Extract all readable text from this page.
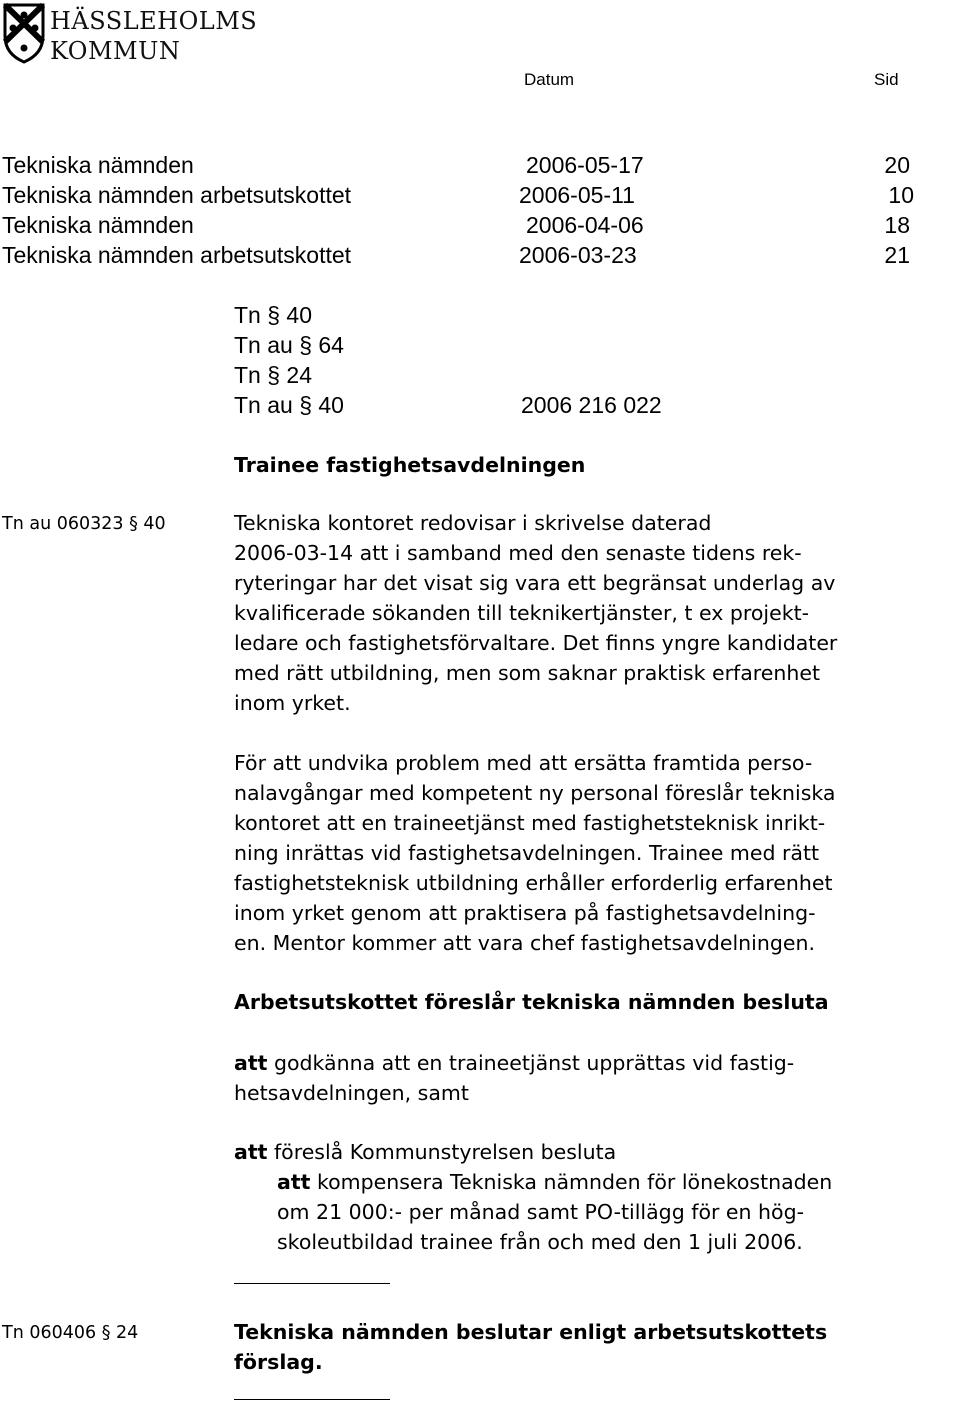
HÄSSLEHOLMS
KOMMUN
Datum	Sid
Tekniska nämnden	2006-05-17	20
Tekniska nämnden arbetsutskottet	2006-05-11	10
Tekniska nämnden	2006-04-06	18
Tekniska nämnden arbetsutskottet	2006-03-23	21
Tn § 40
Tn au § 64
Tn § 24
Tn au § 40	2006 216 022
Trainee fastighetsavdelningen
Tn au 060323 § 40	Tekniska kontoret redovisar i skrivelse daterad
2006-03-14 att i samband med den senaste tidens rek-
ryteringar har det visat sig vara ett begränsat underlag av
kvalificerade sökanden till teknikertjänster, t ex projekt-
ledare och fastighetsförvaltare. Det finns yngre kandidater
med rätt utbildning, men som saknar praktisk erfarenhet
inom yrket.
För att undvika problem med att ersätta framtida perso-
nalavgångar med kompetent ny personal föreslår tekniska
kontoret att en traineetjänst med fastighetsteknisk inrikt-
ning inrättas vid fastighetsavdelningen. Trainee med rätt
fastighetsteknisk utbildning erhåller erforderlig erfarenhet
inom yrket genom att praktisera på fastighetsavdelning-
en. Mentor kommer att vara chef fastighetsavdelningen.
Arbetsutskottet föreslår tekniska nämnden besluta
att godkänna att en traineetjänst upprättas vid fastig-
hetsavdelningen, samt
att föreslå Kommunstyrelsen besluta
att kompensera Tekniska nämnden för lönekostnaden
om 21 000:- per månad samt PO-tillägg för en hög-
skoleutbildad trainee från och med den 1 juli 2006.
Tn 060406 § 24	Tekniska nämnden beslutar enligt arbetsutskottets
förslag.
